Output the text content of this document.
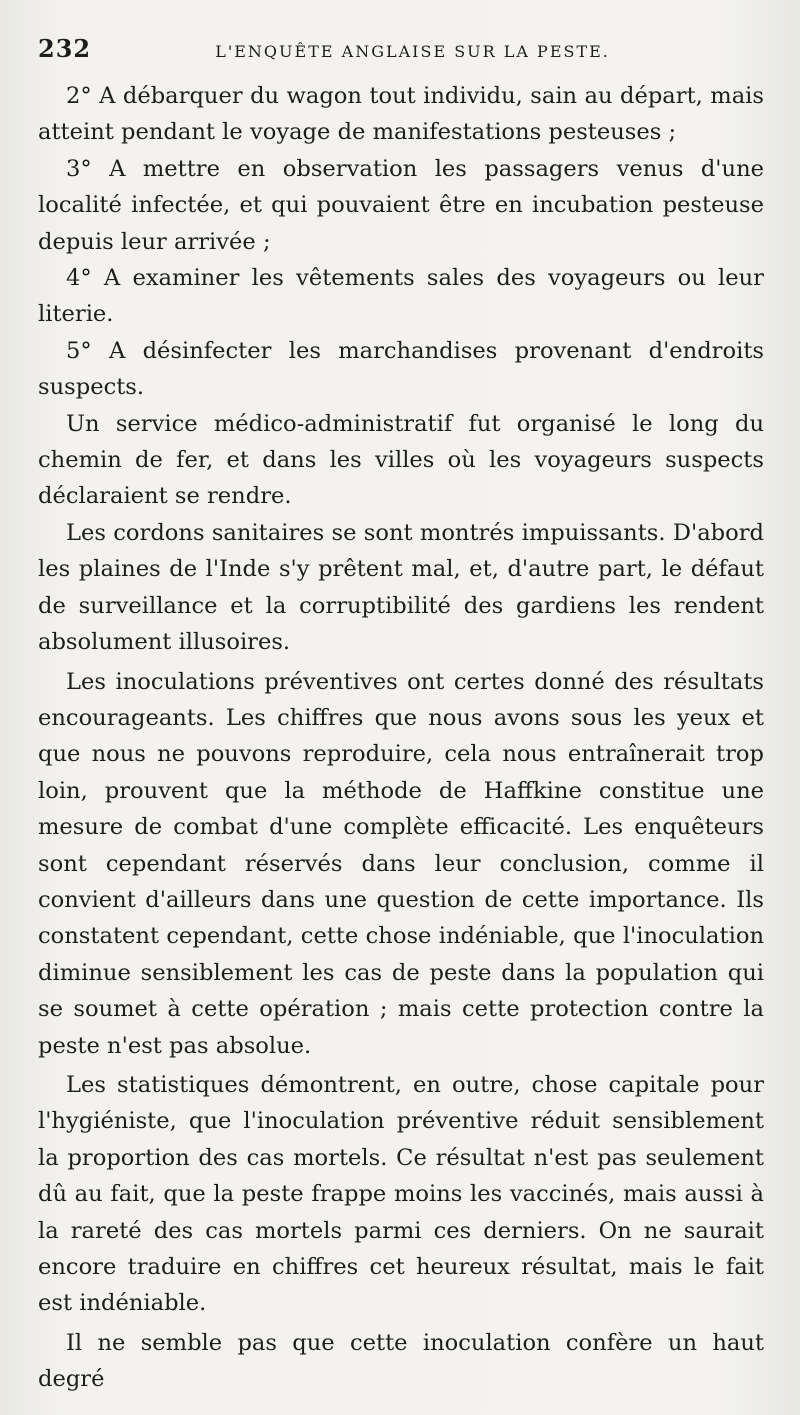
232	L'ENQUÊTE ANGLAISE SUR LA PESTE.

2° A débarquer du wagon tout individu, sain au départ, mais atteint pendant le voyage de manifestations pesteuses ;

3° A mettre en observation les passagers venus d'une localité infectée, et qui pouvaient être en incubation pesteuse depuis leur arrivée ;

4° A examiner les vêtements sales des voyageurs ou leur literie.

5° A désinfecter les marchandises provenant d'endroits suspects.

Un service médico-administratif fut organisé le long du chemin de fer, et dans les villes où les voyageurs suspects déclaraient se rendre.

Les cordons sanitaires se sont montrés impuissants. D'abord les plaines de l'Inde s'y prêtent mal, et, d'autre part, le défaut de surveillance et la corruptibilité des gardiens les rendent absolument illusoires.

Les inoculations préventives ont certes donné des résultats encourageants. Les chiffres que nous avons sous les yeux et que nous ne pouvons reproduire, cela nous entraînerait trop loin, prouvent que la méthode de Haffkine constitue une mesure de combat d'une complète efficacité. Les enquêteurs sont cependant réservés dans leur conclusion, comme il convient d'ailleurs dans une question de cette importance. Ils constatent cependant, cette chose indéniable, que l'inoculation diminue sensiblement les cas de peste dans la population qui se soumet à cette opération ; mais cette protection contre la peste n'est pas absolue.

Les statistiques démontrent, en outre, chose capitale pour l'hygiéniste, que l'inoculation préventive réduit sensiblement la proportion des cas mortels. Ce résultat n'est pas seulement dû au fait, que la peste frappe moins les vaccinés, mais aussi à la rareté des cas mortels parmi ces derniers. On ne saurait encore traduire en chiffres cet heureux résultat, mais le fait est indéniable.

Il ne semble pas que cette inoculation confère un haut degré
